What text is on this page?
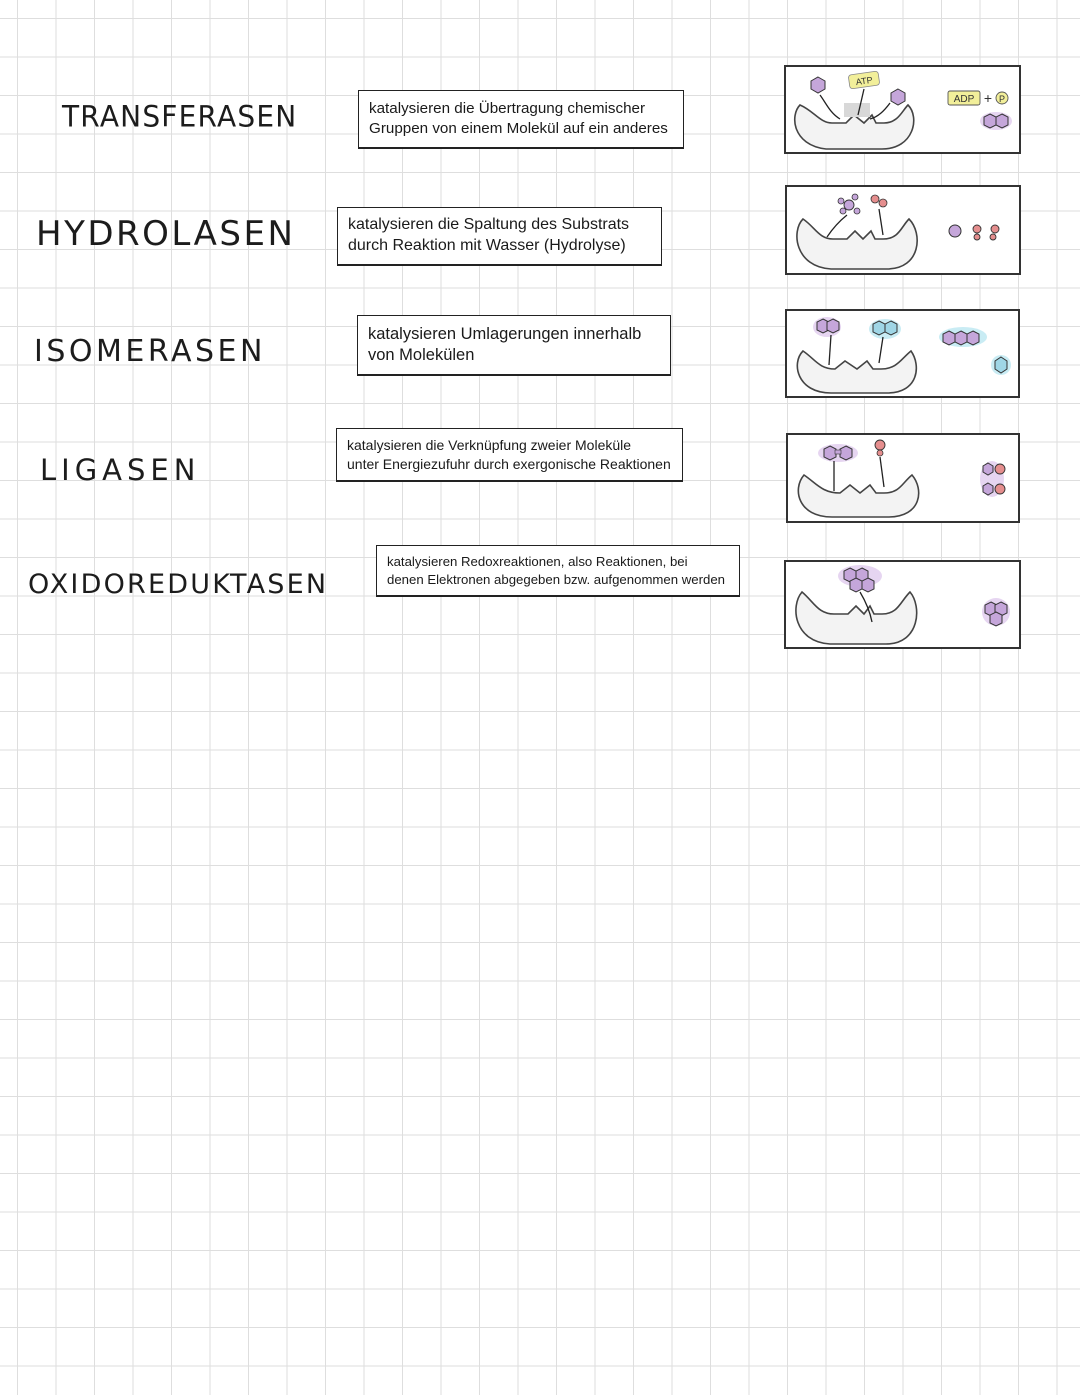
TRANSFERASEN	katalysieren die Übertragung chemischer
Gruppen von einem Molekül auf ein anderes
ATP
ADP + P
HYDROLASEN	katalysieren die Spaltung des Substrats
durch Reaktion mit Wasser (Hydrolyse)
ISOMERASEN
katalysieren Umlagerungen innerhalb
von Molekülen
LIGASEN
katalysieren die Verknüpfung zweier Moleküle
unter Energiezufuhr durch exergonische Reaktionen
OXIDOREDUKTASEN
katalysieren Redoxreaktionen, also Reaktionen, bei
denen Elektronen abgegeben bzw. aufgenommen werden
